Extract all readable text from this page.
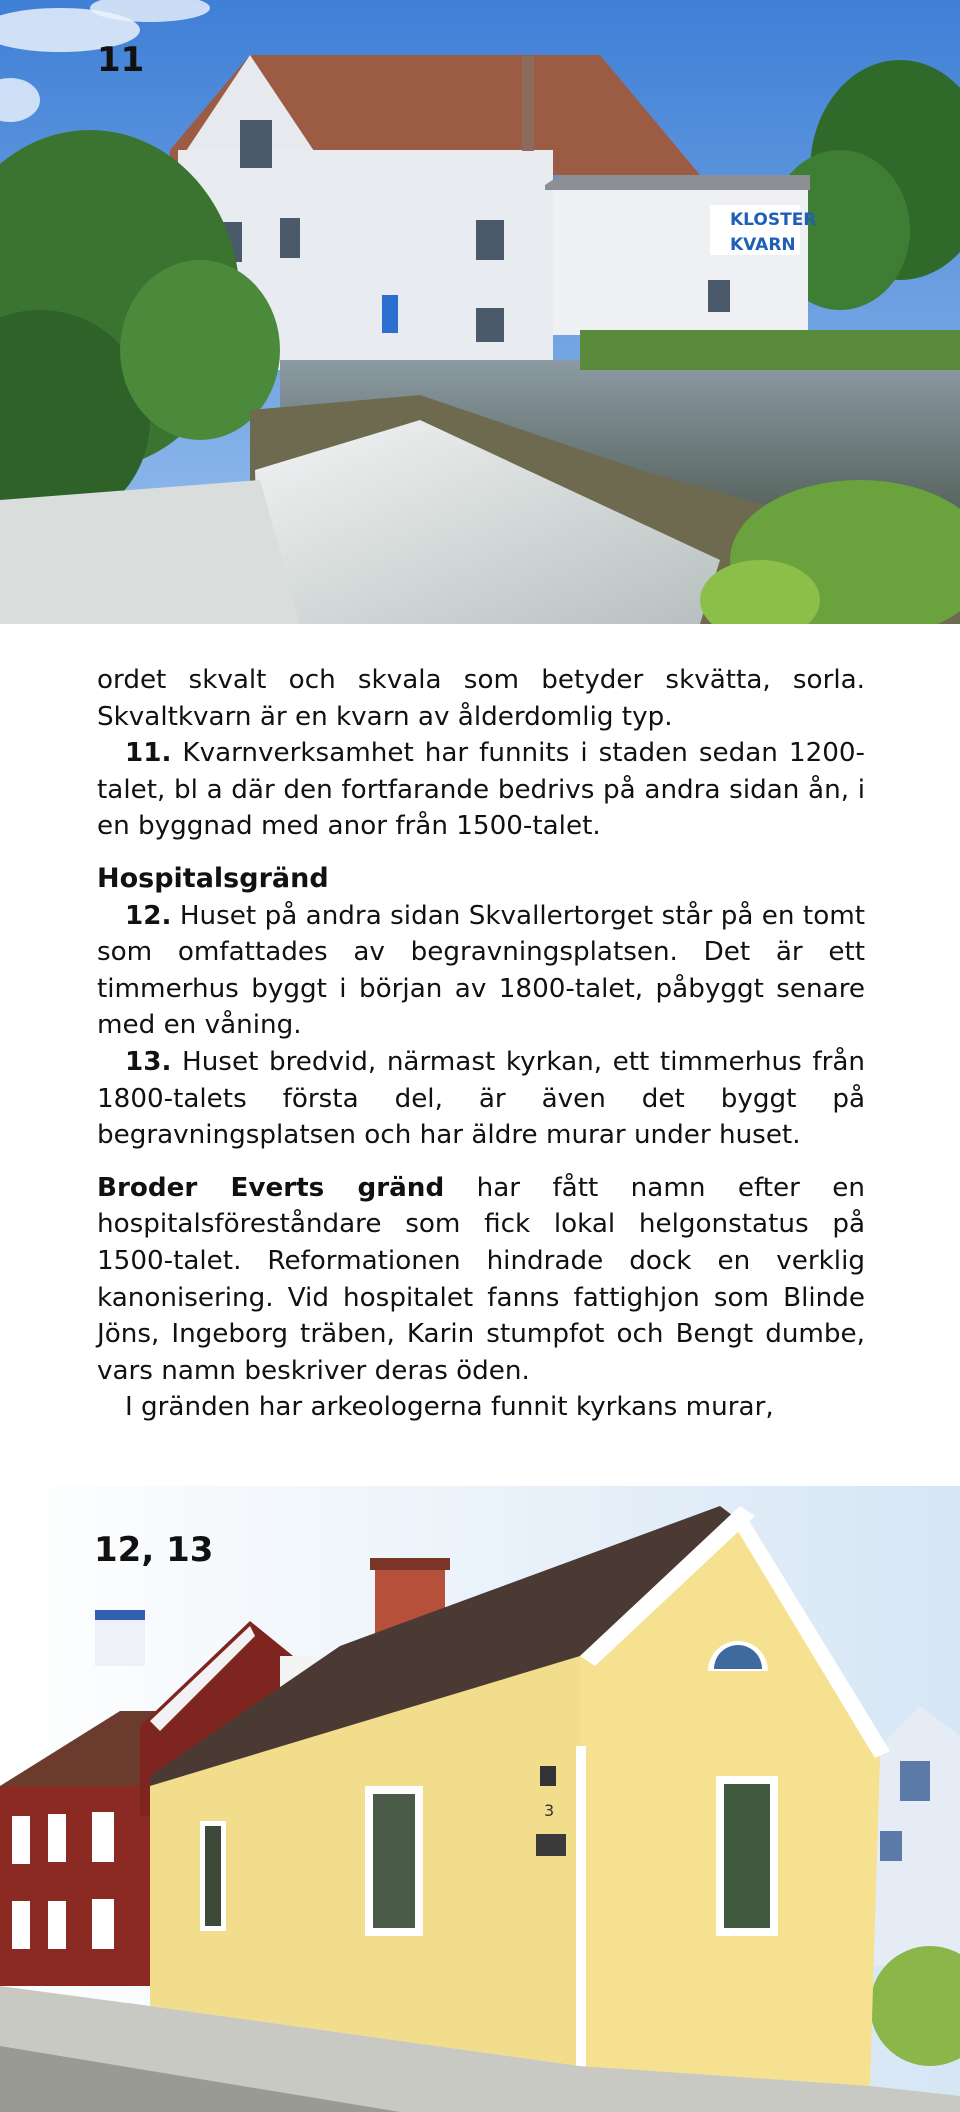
KLOSTER
KVARN
11

ordet skvalt och skvala som betyder skvätta, sorla. Skvaltkvarn är en kvarn av ålderdomlig typ.

11. Kvarnverksamhet har funnits i staden sedan 1200-talet, bl a där den fortfarande bedrivs på andra sidan ån, i en byggnad med anor från 1500-talet.

Hospitalsgränd

12. Huset på andra sidan Skvallertorget står på en tomt som omfattades av begravningsplatsen. Det är ett timmerhus byggt i början av 1800-talet, påbyggt senare med en våning.

13. Huset bredvid, närmast kyrkan, ett timmerhus från 1800-talets första del, är även det byggt på begravningsplatsen och har äldre murar under huset.

Broder Everts gränd har fått namn efter en hospitalsföreståndare som fick lokal helgonstatus på 1500-talet. Reformationen hindrade dock en verklig kanonisering. Vid hospitalet fanns fattighjon som Blinde Jöns, Ingeborg träben, Karin stumpfot och Bengt dumbe, vars namn beskriver deras öden.

I gränden har arkeologerna funnit kyrkans murar,

3
12, 13
